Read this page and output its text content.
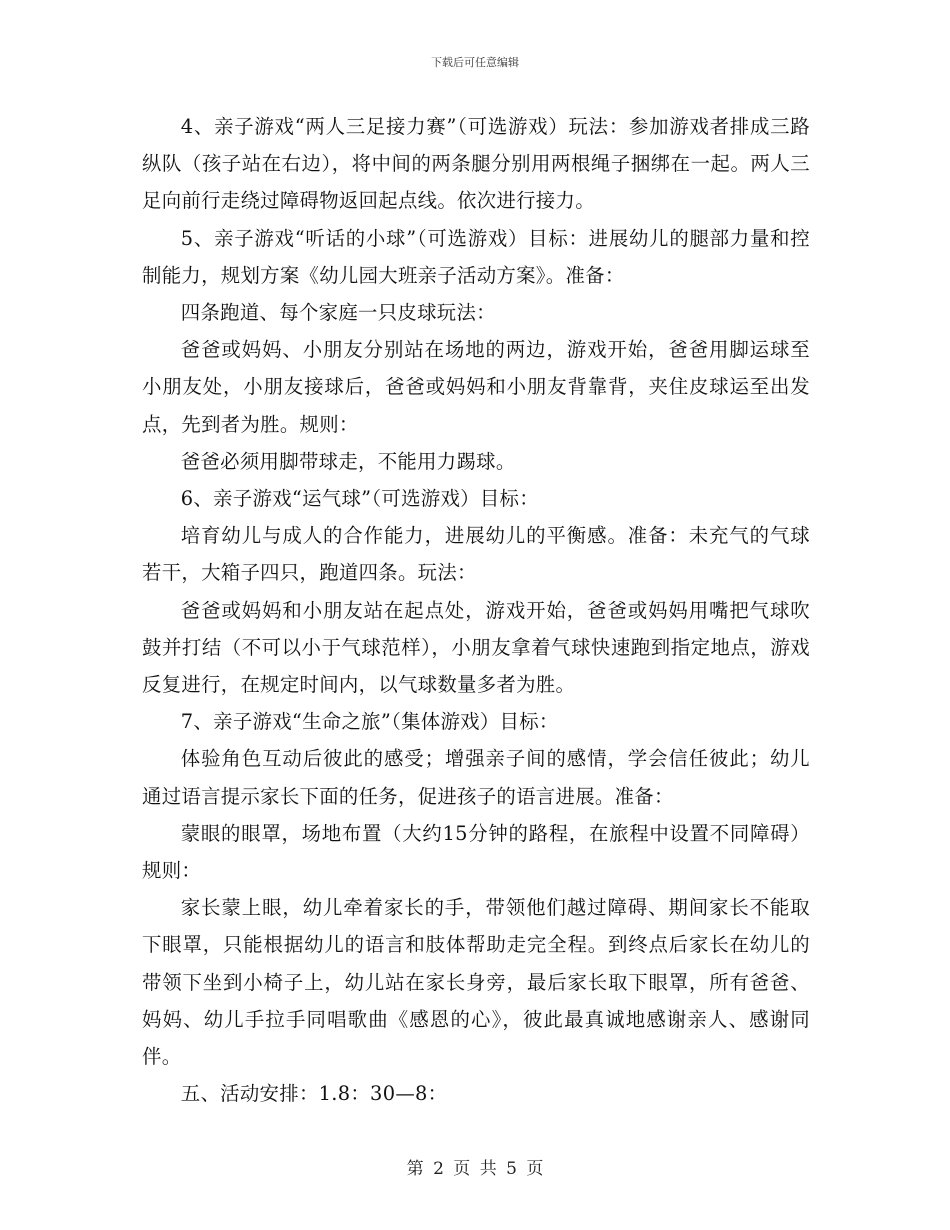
下载后可任意编辑

4、亲子游戏“两人三足接力赛”（可选游戏）玩法：参加游戏者排成三路纵队（孩子站在右边），将中间的两条腿分别用两根绳子捆绑在一起。两人三足向前行走绕过障碍物返回起点线。依次进行接力。

5、亲子游戏“听话的小球”（可选游戏）目标：进展幼儿的腿部力量和控制能力，规划方案《幼儿园大班亲子活动方案》。准备：

四条跑道、每个家庭一只皮球玩法：

爸爸或妈妈、小朋友分别站在场地的两边，游戏开始，爸爸用脚运球至小朋友处，小朋友接球后，爸爸或妈妈和小朋友背靠背，夹住皮球运至出发点，先到者为胜。规则：

爸爸必须用脚带球走，不能用力踢球。

6、亲子游戏“运气球”（可选游戏）目标：

培育幼儿与成人的合作能力，进展幼儿的平衡感。准备：未充气的气球若干，大箱子四只，跑道四条。玩法：

爸爸或妈妈和小朋友站在起点处，游戏开始，爸爸或妈妈用嘴把气球吹鼓并打结（不可以小于气球范样），小朋友拿着气球快速跑到指定地点，游戏反复进行，在规定时间内，以气球数量多者为胜。

7、亲子游戏“生命之旅”（集体游戏）目标：

体验角色互动后彼此的感受；增强亲子间的感情，学会信任彼此；幼儿通过语言提示家长下面的任务，促进孩子的语言进展。准备：

蒙眼的眼罩，场地布置（大约15分钟的路程，在旅程中设置不同障碍）规则：

家长蒙上眼，幼儿牵着家长的手，带领他们越过障碍、期间家长不能取下眼罩，只能根据幼儿的语言和肢体帮助走完全程。到终点后家长在幼儿的带领下坐到小椅子上，幼儿站在家长身旁，最后家长取下眼罩，所有爸爸、妈妈、幼儿手拉手同唱歌曲《感恩的心》，彼此最真诚地感谢亲人、感谢同伴。

五、活动安排：1.8：30—8：

第 2 页 共 5 页
